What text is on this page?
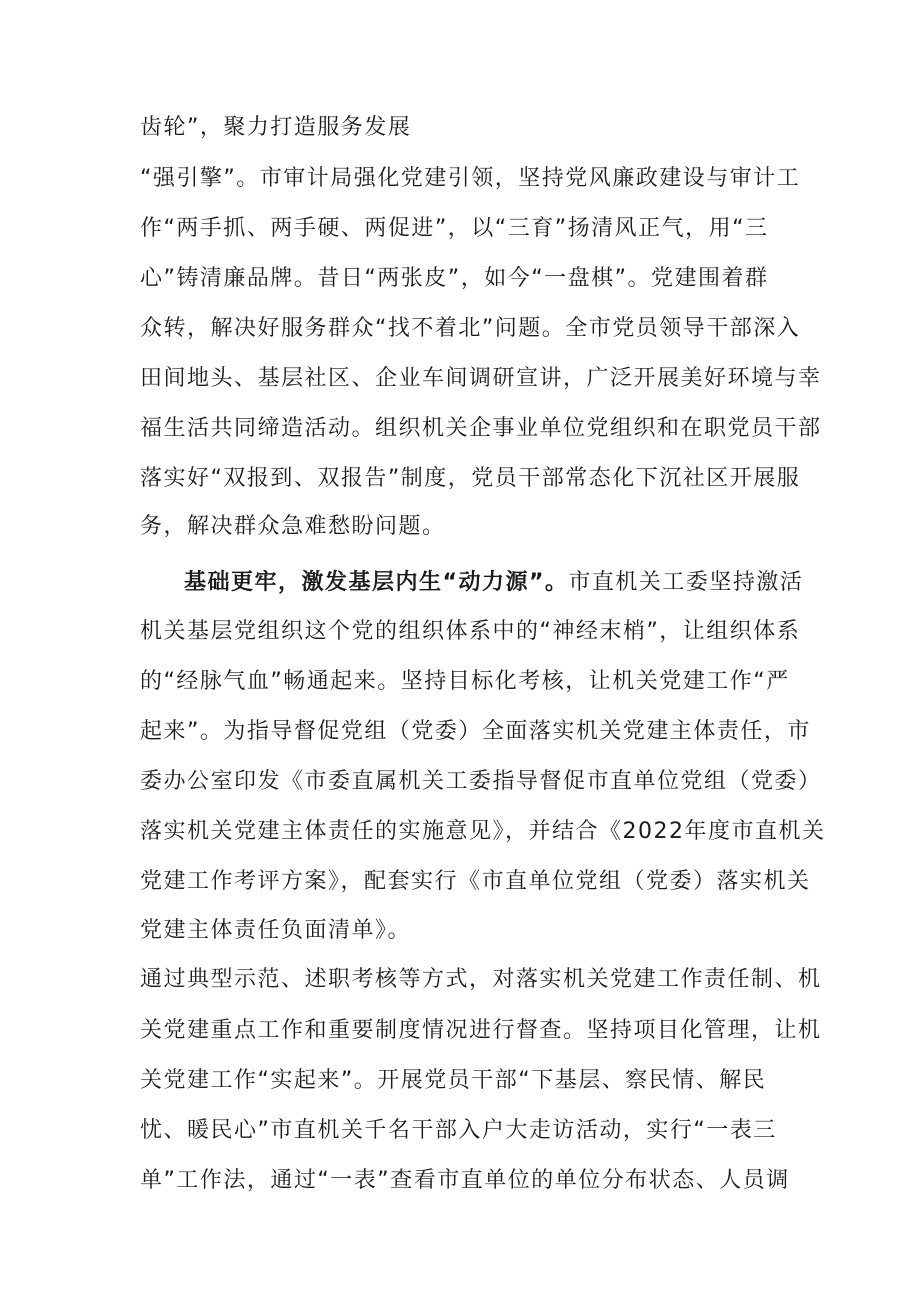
齿轮”，聚力打造服务发展
“强引擎”。市审计局强化党建引领，坚持党风廉政建设与审计工
作“两手抓、两手硬、两促进”，以“三育”扬清风正气，用“三
心”铸清廉品牌。昔日“两张皮”，如今“一盘棋”。党建围着群
众转，解决好服务群众“找不着北”问题。全市党员领导干部深入
田间地头、基层社区、企业车间调研宣讲，广泛开展美好环境与幸
福生活共同缔造活动。组织机关企事业单位党组织和在职党员干部
落实好“双报到、双报告”制度，党员干部常态化下沉社区开展服
务，解决群众急难愁盼问题。
基础更牢，激发基层内生“动力源”。市直机关工委坚持激活
机关基层党组织这个党的组织体系中的“神经末梢”，让组织体系
的“经脉气血”畅通起来。坚持目标化考核，让机关党建工作“严
起来”。为指导督促党组（党委）全面落实机关党建主体责任，市
委办公室印发《市委直属机关工委指导督促市直单位党组（党委）
落实机关党建主体责任的实施意见》，并结合《2022年度市直机关
党建工作考评方案》，配套实行《市直单位党组（党委）落实机关
党建主体责任负面清单》。
通过典型示范、述职考核等方式，对落实机关党建工作责任制、机
关党建重点工作和重要制度情况进行督查。坚持项目化管理，让机
关党建工作“实起来”。开展党员干部“下基层、察民情、解民
忧、暖民心”市直机关千名干部入户大走访活动，实行“一表三
单”工作法，通过“一表”查看市直单位的单位分布状态、人员调
